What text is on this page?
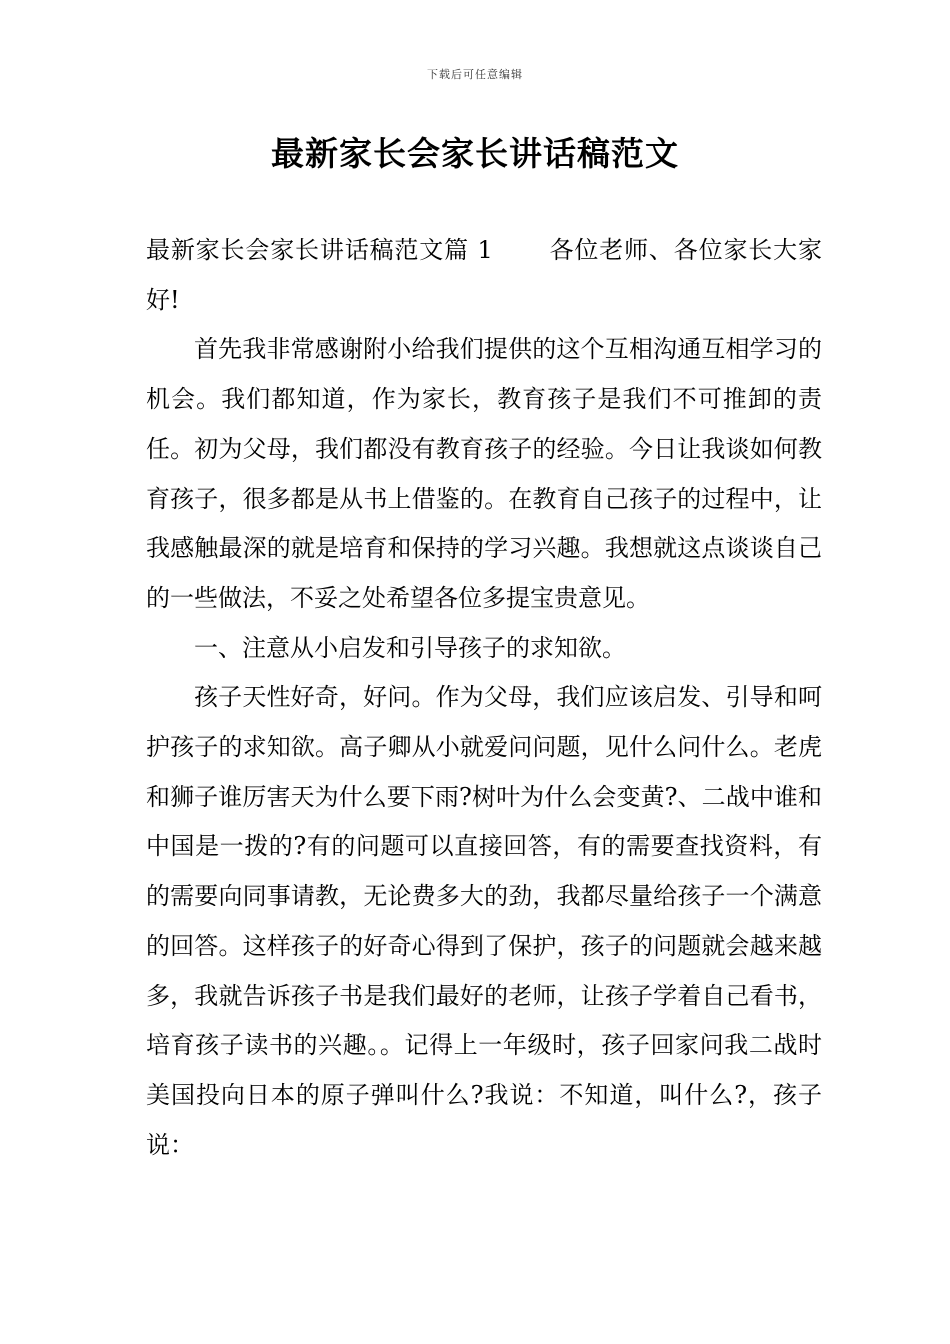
下载后可任意编辑
最新家长会家长讲话稿范文

最新家长会家长讲话稿范文篇 1 各位老师、各位家长大家好!

首先我非常感谢附小给我们提供的这个互相沟通互相学习的机会。我们都知道，作为家长，教育孩子是我们不可推卸的责任。初为父母，我们都没有教育孩子的经验。今日让我谈如何教育孩子，很多都是从书上借鉴的。在教育自己孩子的过程中，让我感触最深的就是培育和保持的学习兴趣。我想就这点谈谈自己的一些做法，不妥之处希望各位多提宝贵意见。

一、注意从小启发和引导孩子的求知欲。

孩子天性好奇，好问。作为父母，我们应该启发、引导和呵护孩子的求知欲。高子卿从小就爱问问题，见什么问什么。老虎和狮子谁厉害天为什么要下雨?树叶为什么会变黄?、二战中谁和中国是一拨的?有的问题可以直接回答，有的需要查找资料，有的需要向同事请教，无论费多大的劲，我都尽量给孩子一个满意的回答。这样孩子的好奇心得到了保护，孩子的问题就会越来越多，我就告诉孩子书是我们最好的老师，让孩子学着自己看书，培育孩子读书的兴趣。。记得上一年级时，孩子回家问我二战时美国投向日本的原子弹叫什么?我说：不知道，叫什么?，孩子说：
